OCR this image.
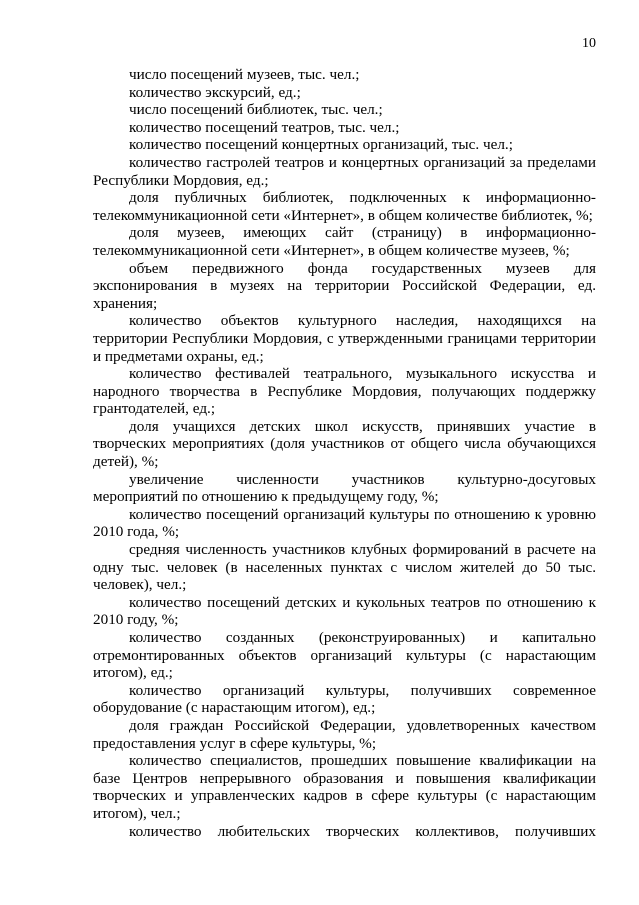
10

число посещений музеев, тыс. чел.;

количество экскурсий, ед.;

число посещений библиотек, тыс. чел.;

количество посещений театров, тыс. чел.;

количество посещений концертных организаций, тыс. чел.;

количество гастролей театров и концертных организаций за пределами Республики Мордовия, ед.;

доля публичных библиотек, подключенных к информационно-телекоммуникационной сети «Интернет», в общем количестве библиотек, %;

доля музеев, имеющих сайт (страницу) в информационно-телекоммуникационной сети «Интернет», в общем количестве музеев, %;

объем передвижного фонда государственных музеев для экспонирования в музеях на территории Российской Федерации, ед. хранения;

количество объектов культурного наследия, находящихся на территории Республики Мордовия, с утвержденными границами территории и предметами охраны, ед.;

количество фестивалей театрального, музыкального искусства и народного творчества в Республике Мордовия, получающих поддержку грантодателей, ед.;

доля учащихся детских школ искусств, принявших участие в творческих мероприятиях (доля участников от общего числа обучающихся детей), %;

увеличение численности участников культурно-досуговых мероприятий по отношению к предыдущему году, %;

количество посещений организаций культуры по отношению к уровню 2010 года, %;

средняя численность участников клубных формирований в расчете на одну тыс. человек (в населенных пунктах с числом жителей до 50 тыс. человек), чел.;

количество посещений детских и кукольных театров по отношению к 2010 году, %;

количество созданных (реконструированных) и капитально отремонтированных объектов организаций культуры (с нарастающим итогом), ед.;

количество организаций культуры, получивших современное оборудование (с нарастающим итогом), ед.;

доля граждан Российской Федерации, удовлетворенных качеством предоставления услуг в сфере культуры, %;

количество специалистов, прошедших повышение квалификации на базе Центров непрерывного образования и повышения квалификации творческих и управленческих кадров в сфере культуры (с нарастающим итогом), чел.;

количество любительских творческих коллективов, получивших
